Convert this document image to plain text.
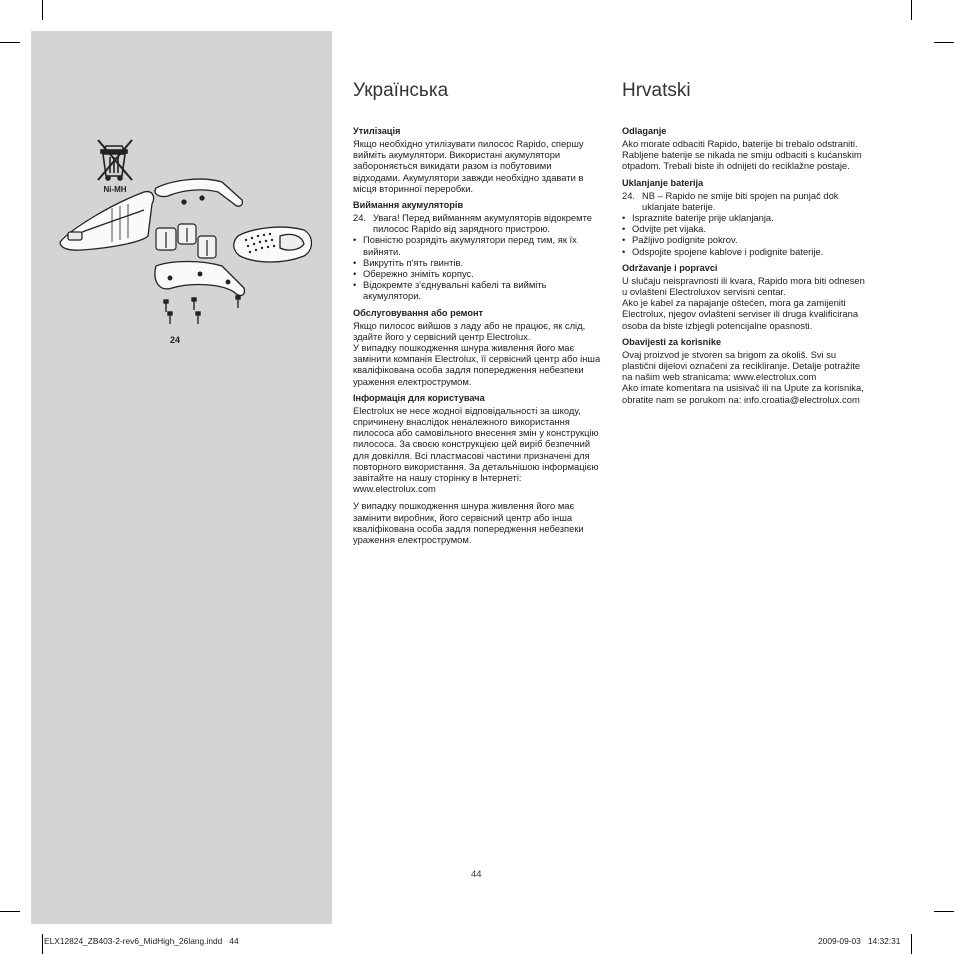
Ni-MH
24
Українська
Утилізація

Якщо необхідно утилізувати пилосос Rapido, спершу вийміть акумулятори. Використані акумулятори забороняється викидати разом із побутовими відходами. Акумулятори завжди необхідно здавати в місця вторинної переробки.

Виймання акумуляторів
24. Увага! Перед вийманням акумуляторів відокремте пилосос Rapido від зарядного пристрою.
• Повністю розрядіть акумулятори перед тим, як їх вийняти.
• Викрутіть п'ять гвинтів.
• Обережно зніміть корпус.
• Відокремте з'єднувальні кабелі та вийміть акумулятори.
Обслуговування або ремонт

Якщо пилосос вийшов з ладу або не працює, як слід, здайте його у сервісний центр Electrolux.

У випадку пошкодження шнура живлення його має замінити компанія Electrolux, її сервісний центр або інша кваліфікована особа задля попередження небезпеки ураження електрострумом.

Інформація для користувача

Electrolux не несе жодної відповідальності за шкоду, спричинену внаслідок неналежного використання пилососа або самовільного внесення змін у конструкцію пилососа. За своєю конструкцією цей виріб безпечний для довкілля. Всі пластмасові частини призначені для повторного використання. За детальнішою інформацією завітайте на нашу сторінку в Інтернеті: www.electrolux.com

У випадку пошкодження шнура живлення його має замінити виробник, його сервісний центр або інша кваліфікована особа задля попередження небезпеки ураження електрострумом.

Hrvatski
Odlaganje

Ako morate odbaciti Rapido, baterije bi trebalo odstraniti. Rabljene baterije se nikada ne smiju odbaciti s kućanskim otpadom. Trebali biste ih odnijeti do reciklažne postaje.

Uklanjanje baterija
24. NB – Rapido ne smije biti spojen na punjač dok uklanjate baterije.
• Ispraznite baterije prije uklanjanja.
• Odvijte pet vijaka.
• Pažljivo podignite pokrov.
• Odspojite spojene kablove i podignite baterije.
Održavanje i popravci

U slučaju neispravnosti ili kvara, Rapido mora biti odnesen u ovlašteni Electroluxov servisni centar.

Ako je kabel za napajanje oštećen, mora ga zamijeniti Electrolux, njegov ovlašteni serviser ili druga kvalificirana osoba da biste izbjegli potencijalne opasnosti.

Obavijesti za korisnike

Ovaj proizvod je stvoren sa brigom za okoliš. Svi su plastični dijelovi označeni za recikliranje. Detalje potražite na našim web stranicama: www.electrolux.com

Ako imate komentara na usisivač ili na Upute za korisnika, obratite nam se porukom na: info.croatia@electrolux.com

44
ELX12824_ZB403-2-rev6_MidHigh_26lang.indd   44	2009-09-03   14:32:31
